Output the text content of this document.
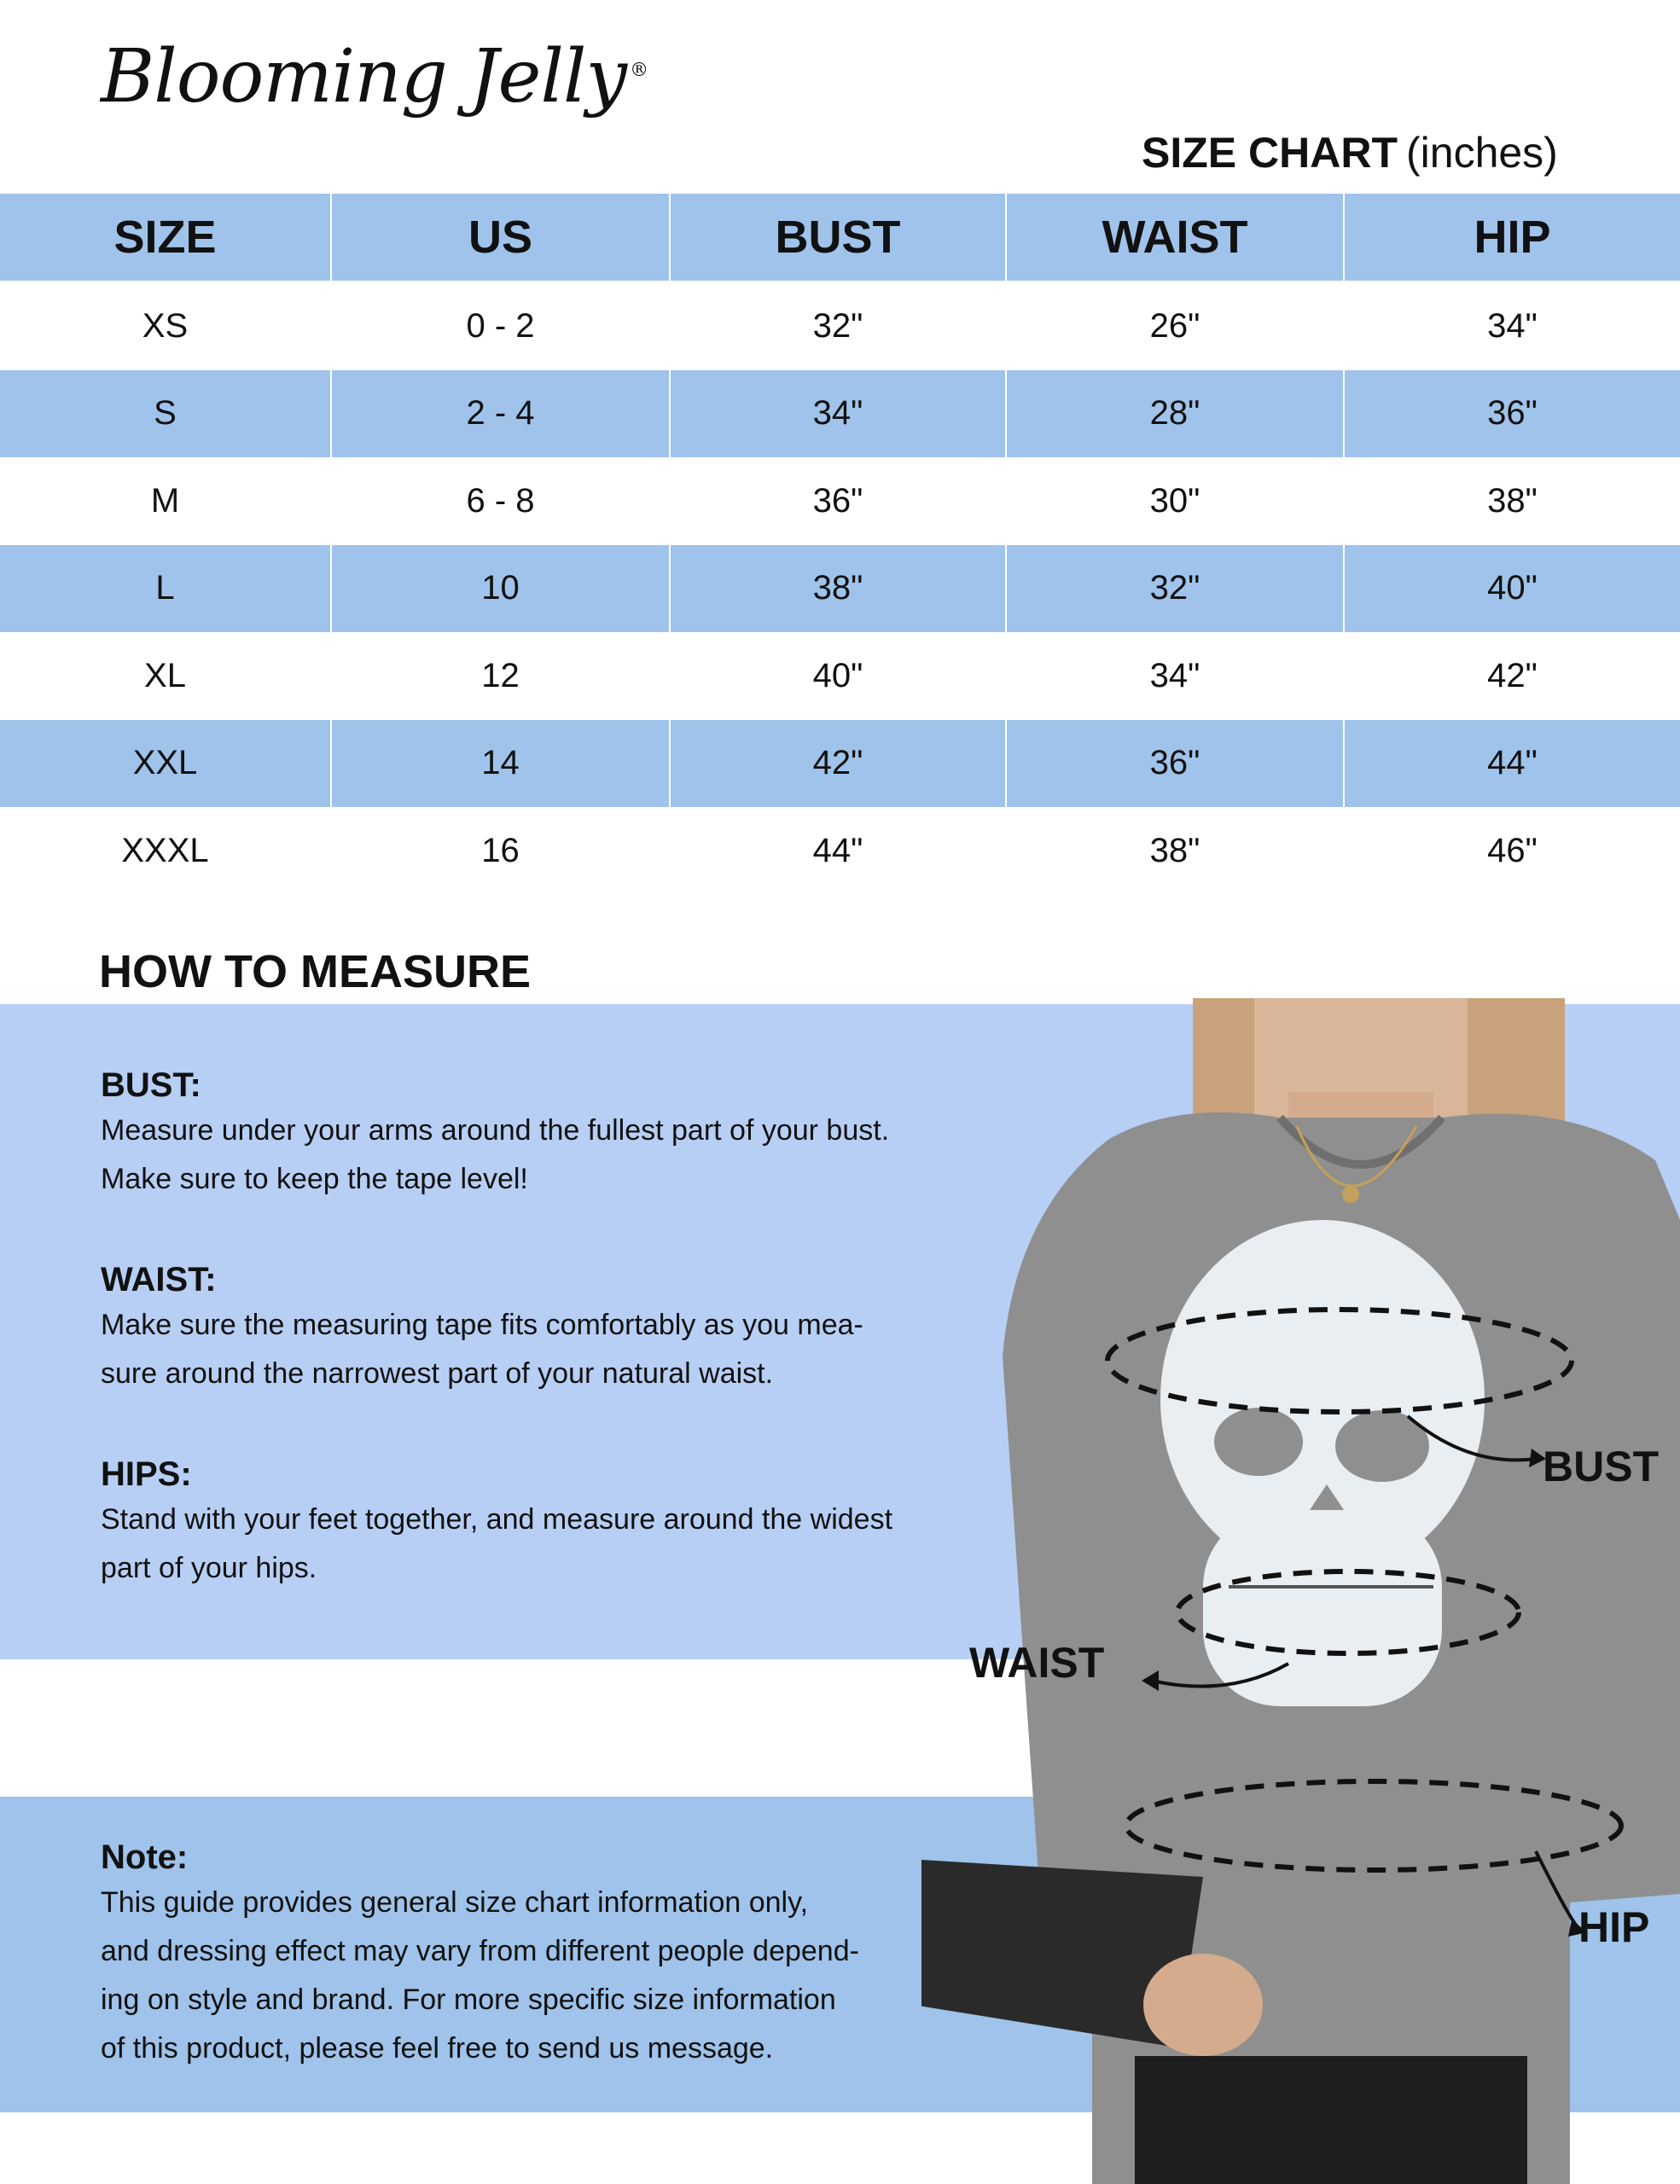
Blooming Jelly ®
SIZE CHART (inches)
SIZE	US	BUST	WAIST	HIP
XS	0 - 2	32"	26"	34"
S	2 - 4	34"	28"	36"
M	6 - 8	36"	30"	38"
L	10	38"	32"	40"
XL	12	40"	34"	42"
XXL	14	42"	36"	44"
XXXL	16	44"	38"	46"
HOW TO MEASURE
BUST:
Measure under your arms around the fullest part of your bust.
Make sure to keep the tape level!
WAIST:
Make sure the measuring tape fits comfortably as you mea-
sure around the narrowest part of your natural waist.
HIPS:
Stand with your feet together, and measure around the widest
part of your hips.
Note:
This guide provides general size chart information only,
and dressing effect may vary from different people depend-
ing on style and brand. For more specific size information
of this product, please feel free to send us message.
BUST
WAIST
HIP
